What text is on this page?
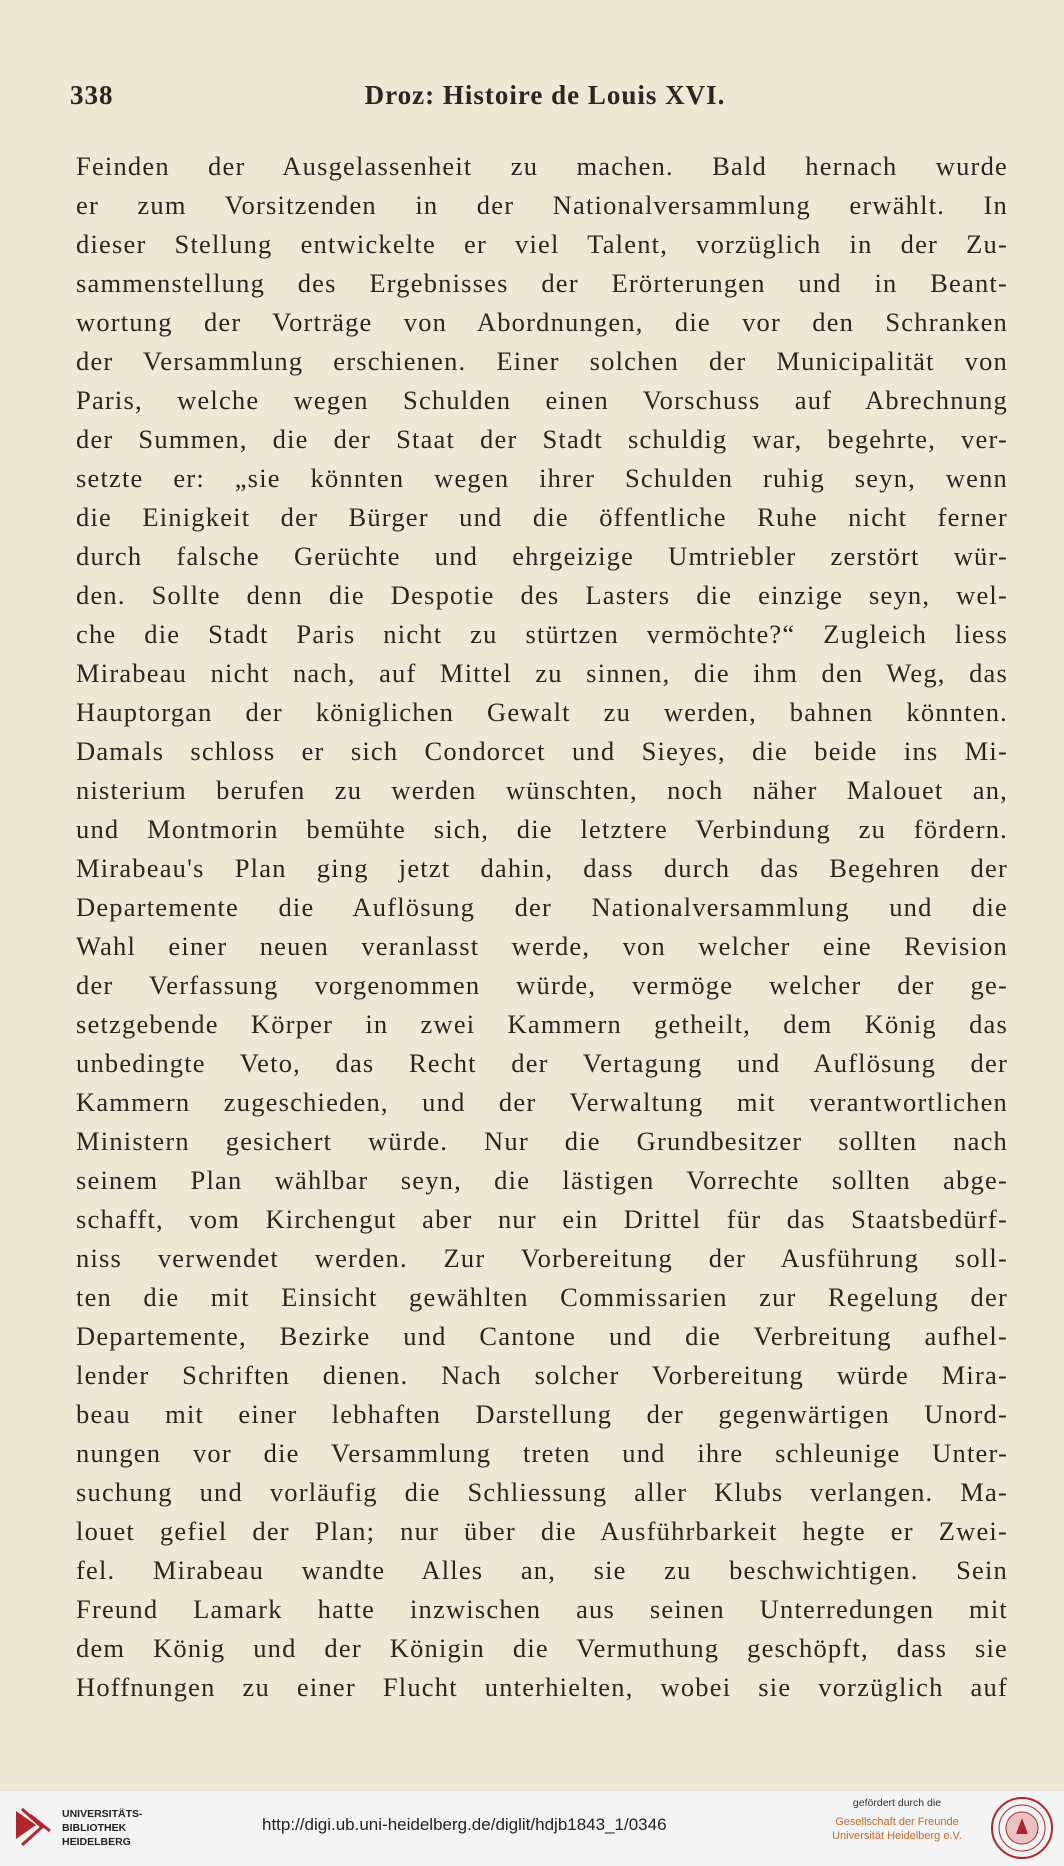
338	Droz: Histoire de Louis XVI.
Feinden der Ausgelassenheit zu machen. Bald hernach wurde
er zum Vorsitzenden in der Nationalversammlung erwählt. In
dieser Stellung entwickelte er viel Talent, vorzüglich in der Zu-
sammenstellung des Ergebnisses der Erörterungen und in Beant-
wortung der Vorträge von Abordnungen, die vor den Schranken
der Versammlung erschienen. Einer solchen der Municipalität von
Paris, welche wegen Schulden einen Vorschuss auf Abrechnung
der Summen, die der Staat der Stadt schuldig war, begehrte, ver-
setzte er: „sie könnten wegen ihrer Schulden ruhig seyn, wenn
die Einigkeit der Bürger und die öffentliche Ruhe nicht ferner
durch falsche Gerüchte und ehrgeizige Umtriebler zerstört wür-
den. Sollte denn die Despotie des Lasters die einzige seyn, wel-
che die Stadt Paris nicht zu stürtzen vermöchte?“ Zugleich liess
Mirabeau nicht nach, auf Mittel zu sinnen, die ihm den Weg, das
Hauptorgan der königlichen Gewalt zu werden, bahnen könnten.
Damals schloss er sich Condorcet und Sieyes, die beide ins Mi-
nisterium berufen zu werden wünschten, noch näher Malouet an,
und Montmorin bemühte sich, die letztere Verbindung zu fördern.
Mirabeau's Plan ging jetzt dahin, dass durch das Begehren der
Departemente die Auflösung der Nationalversammlung und die
Wahl einer neuen veranlasst werde, von welcher eine Revision
der Verfassung vorgenommen würde, vermöge welcher der ge-
setzgebende Körper in zwei Kammern getheilt, dem König das
unbedingte Veto, das Recht der Vertagung und Auflösung der
Kammern zugeschieden, und der Verwaltung mit verantwortlichen
Ministern gesichert würde. Nur die Grundbesitzer sollten nach
seinem Plan wählbar seyn, die lästigen Vorrechte sollten abge-
schafft, vom Kirchengut aber nur ein Drittel für das Staatsbedürf-
niss verwendet werden. Zur Vorbereitung der Ausführung soll-
ten die mit Einsicht gewählten Commissarien zur Regelung der
Departemente, Bezirke und Cantone und die Verbreitung aufhel-
lender Schriften dienen. Nach solcher Vorbereitung würde Mira-
beau mit einer lebhaften Darstellung der gegenwärtigen Unord-
nungen vor die Versammlung treten und ihre schleunige Unter-
suchung und vorläufig die Schliessung aller Klubs verlangen. Ma-
louet gefiel der Plan; nur über die Ausführbarkeit hegte er Zwei-
fel. Mirabeau wandte Alles an, sie zu beschwichtigen. Sein
Freund Lamark hatte inzwischen aus seinen Unterredungen mit
dem König und der Königin die Vermuthung geschöpft, dass sie
Hoffnungen zu einer Flucht unterhielten, wobei sie vorzüglich auf
UNIVERSITÄTS-
BIBLIOTHEK
HEIDELBERG
http://digi.ub.uni-heidelberg.de/diglit/hdjb1843_1/0346
gefördert durch die
Gesellschaft der Freunde
Universität Heidelberg e.V.
